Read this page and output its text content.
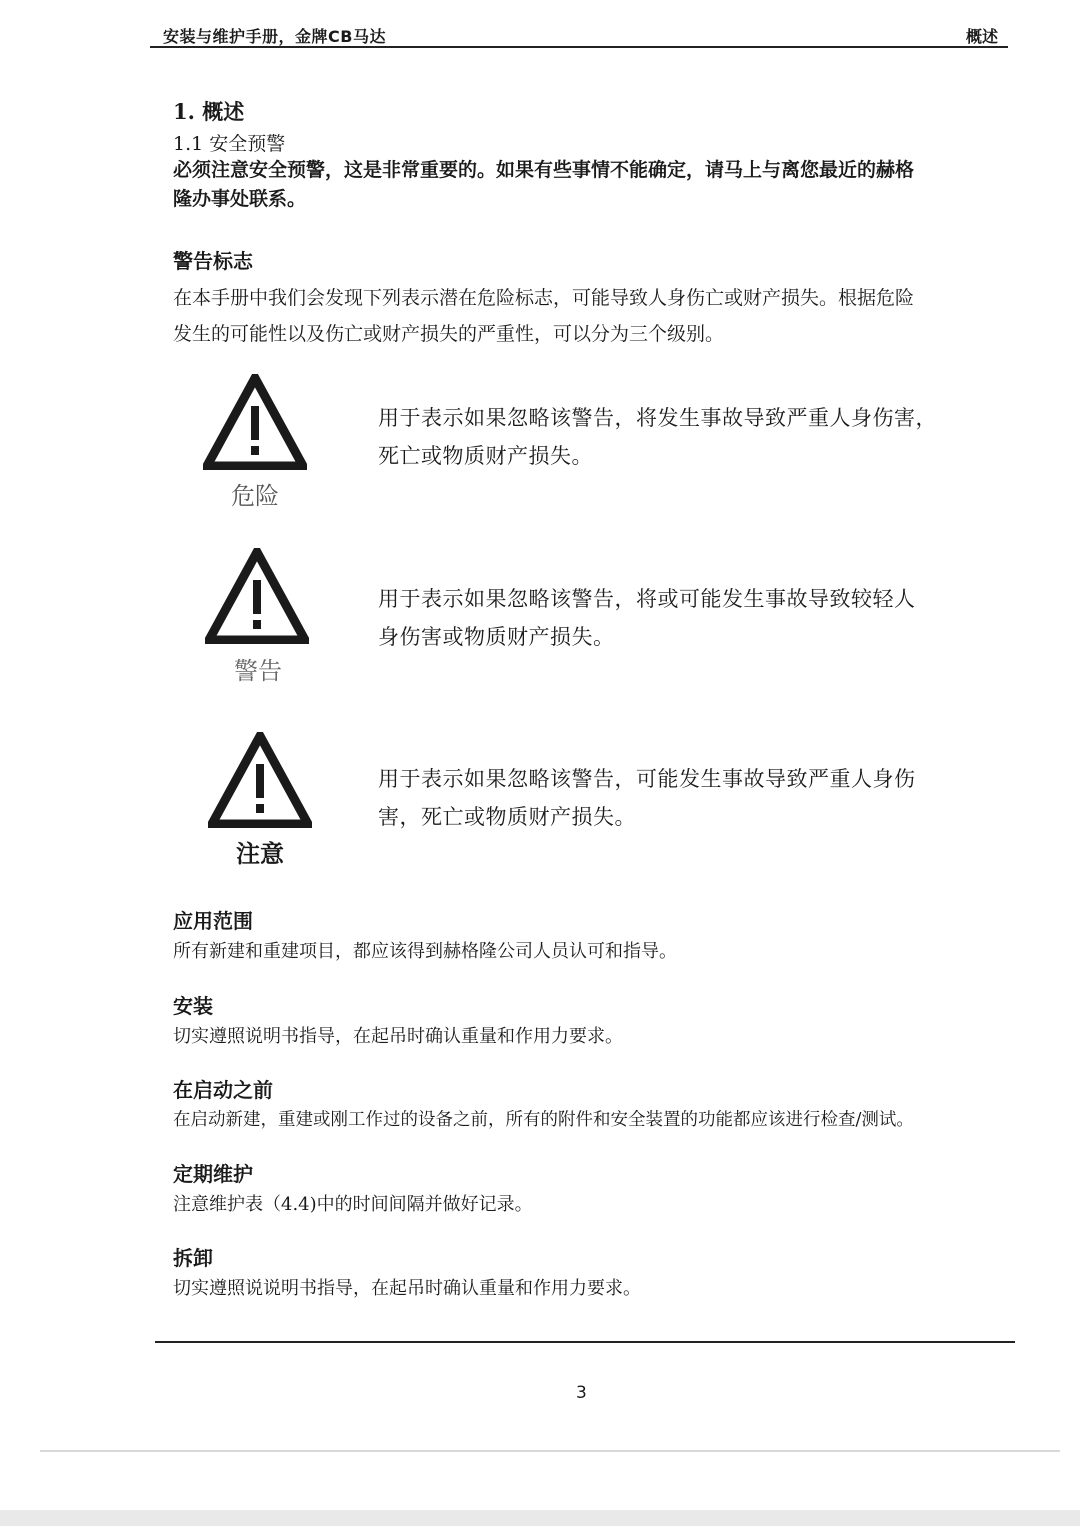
安装与维护手册，金牌CB马达	概述
1. 概述
1.1 安全预警
必须注意安全预警，这是非常重要的。如果有些事情不能确定，请马上与离您最近的赫格
隆办事处联系。
警告标志
在本手册中我们会发现下列表示潜在危险标志，可能导致人身伤亡或财产损失。根据危险
发生的可能性以及伤亡或财产损失的严重性，可以分为三个级别。
危险
用于表示如果忽略该警告，将发生事故导致严重人身伤害，
死亡或物质财产损失。
警告
用于表示如果忽略该警告，将或可能发生事故导致较轻人
身伤害或物质财产损失。
注意
用于表示如果忽略该警告，可能发生事故导致严重人身伤
害，死亡或物质财产损失。
应用范围
所有新建和重建项目，都应该得到赫格隆公司人员认可和指导。
安装
切实遵照说明书指导，在起吊时确认重量和作用力要求。
在启动之前
在启动新建，重建或刚工作过的设备之前，所有的附件和安全装置的功能都应该进行检查/测试。
定期维护
注意维护表（4.4)中的时间间隔并做好记录。
拆卸
切实遵照说说明书指导，在起吊时确认重量和作用力要求。
3
